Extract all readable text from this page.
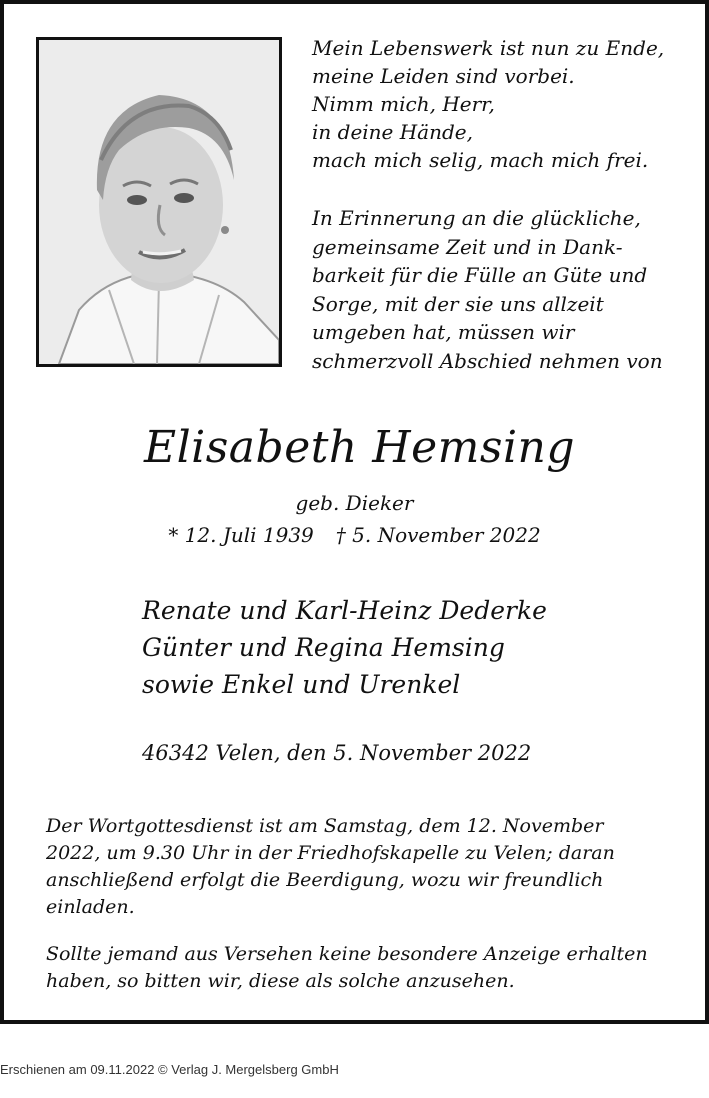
Mein Lebenswerk ist nun zu Ende,
meine Leiden sind vorbei.
Nimm mich, Herr,
in deine Hände,
mach mich selig, mach mich frei.
In Erinnerung an die glückliche,
gemeinsame Zeit und in Dank-
barkeit für die Fülle an Güte und
Sorge, mit der sie uns allzeit
umgeben hat, müssen wir
schmerzvoll Abschied nehmen von
Elisabeth Hemsing
geb. Dieker
* 12. Juli 1939 † 5. November 2022
Renate und Karl-Heinz Dederke
Günter und Regina Hemsing
sowie Enkel und Urenkel
46342 Velen, den 5. November 2022
Der Wortgottesdienst ist am Samstag, dem 12. November
2022, um 9.30 Uhr in der Friedhofskapelle zu Velen; daran
anschließend erfolgt die Beerdigung, wozu wir freundlich
einladen.
Sollte jemand aus Versehen keine besondere Anzeige erhalten
haben, so bitten wir, diese als solche anzusehen.
Erschienen am 09.11.2022 © Verlag J. Mergelsberg GmbH
